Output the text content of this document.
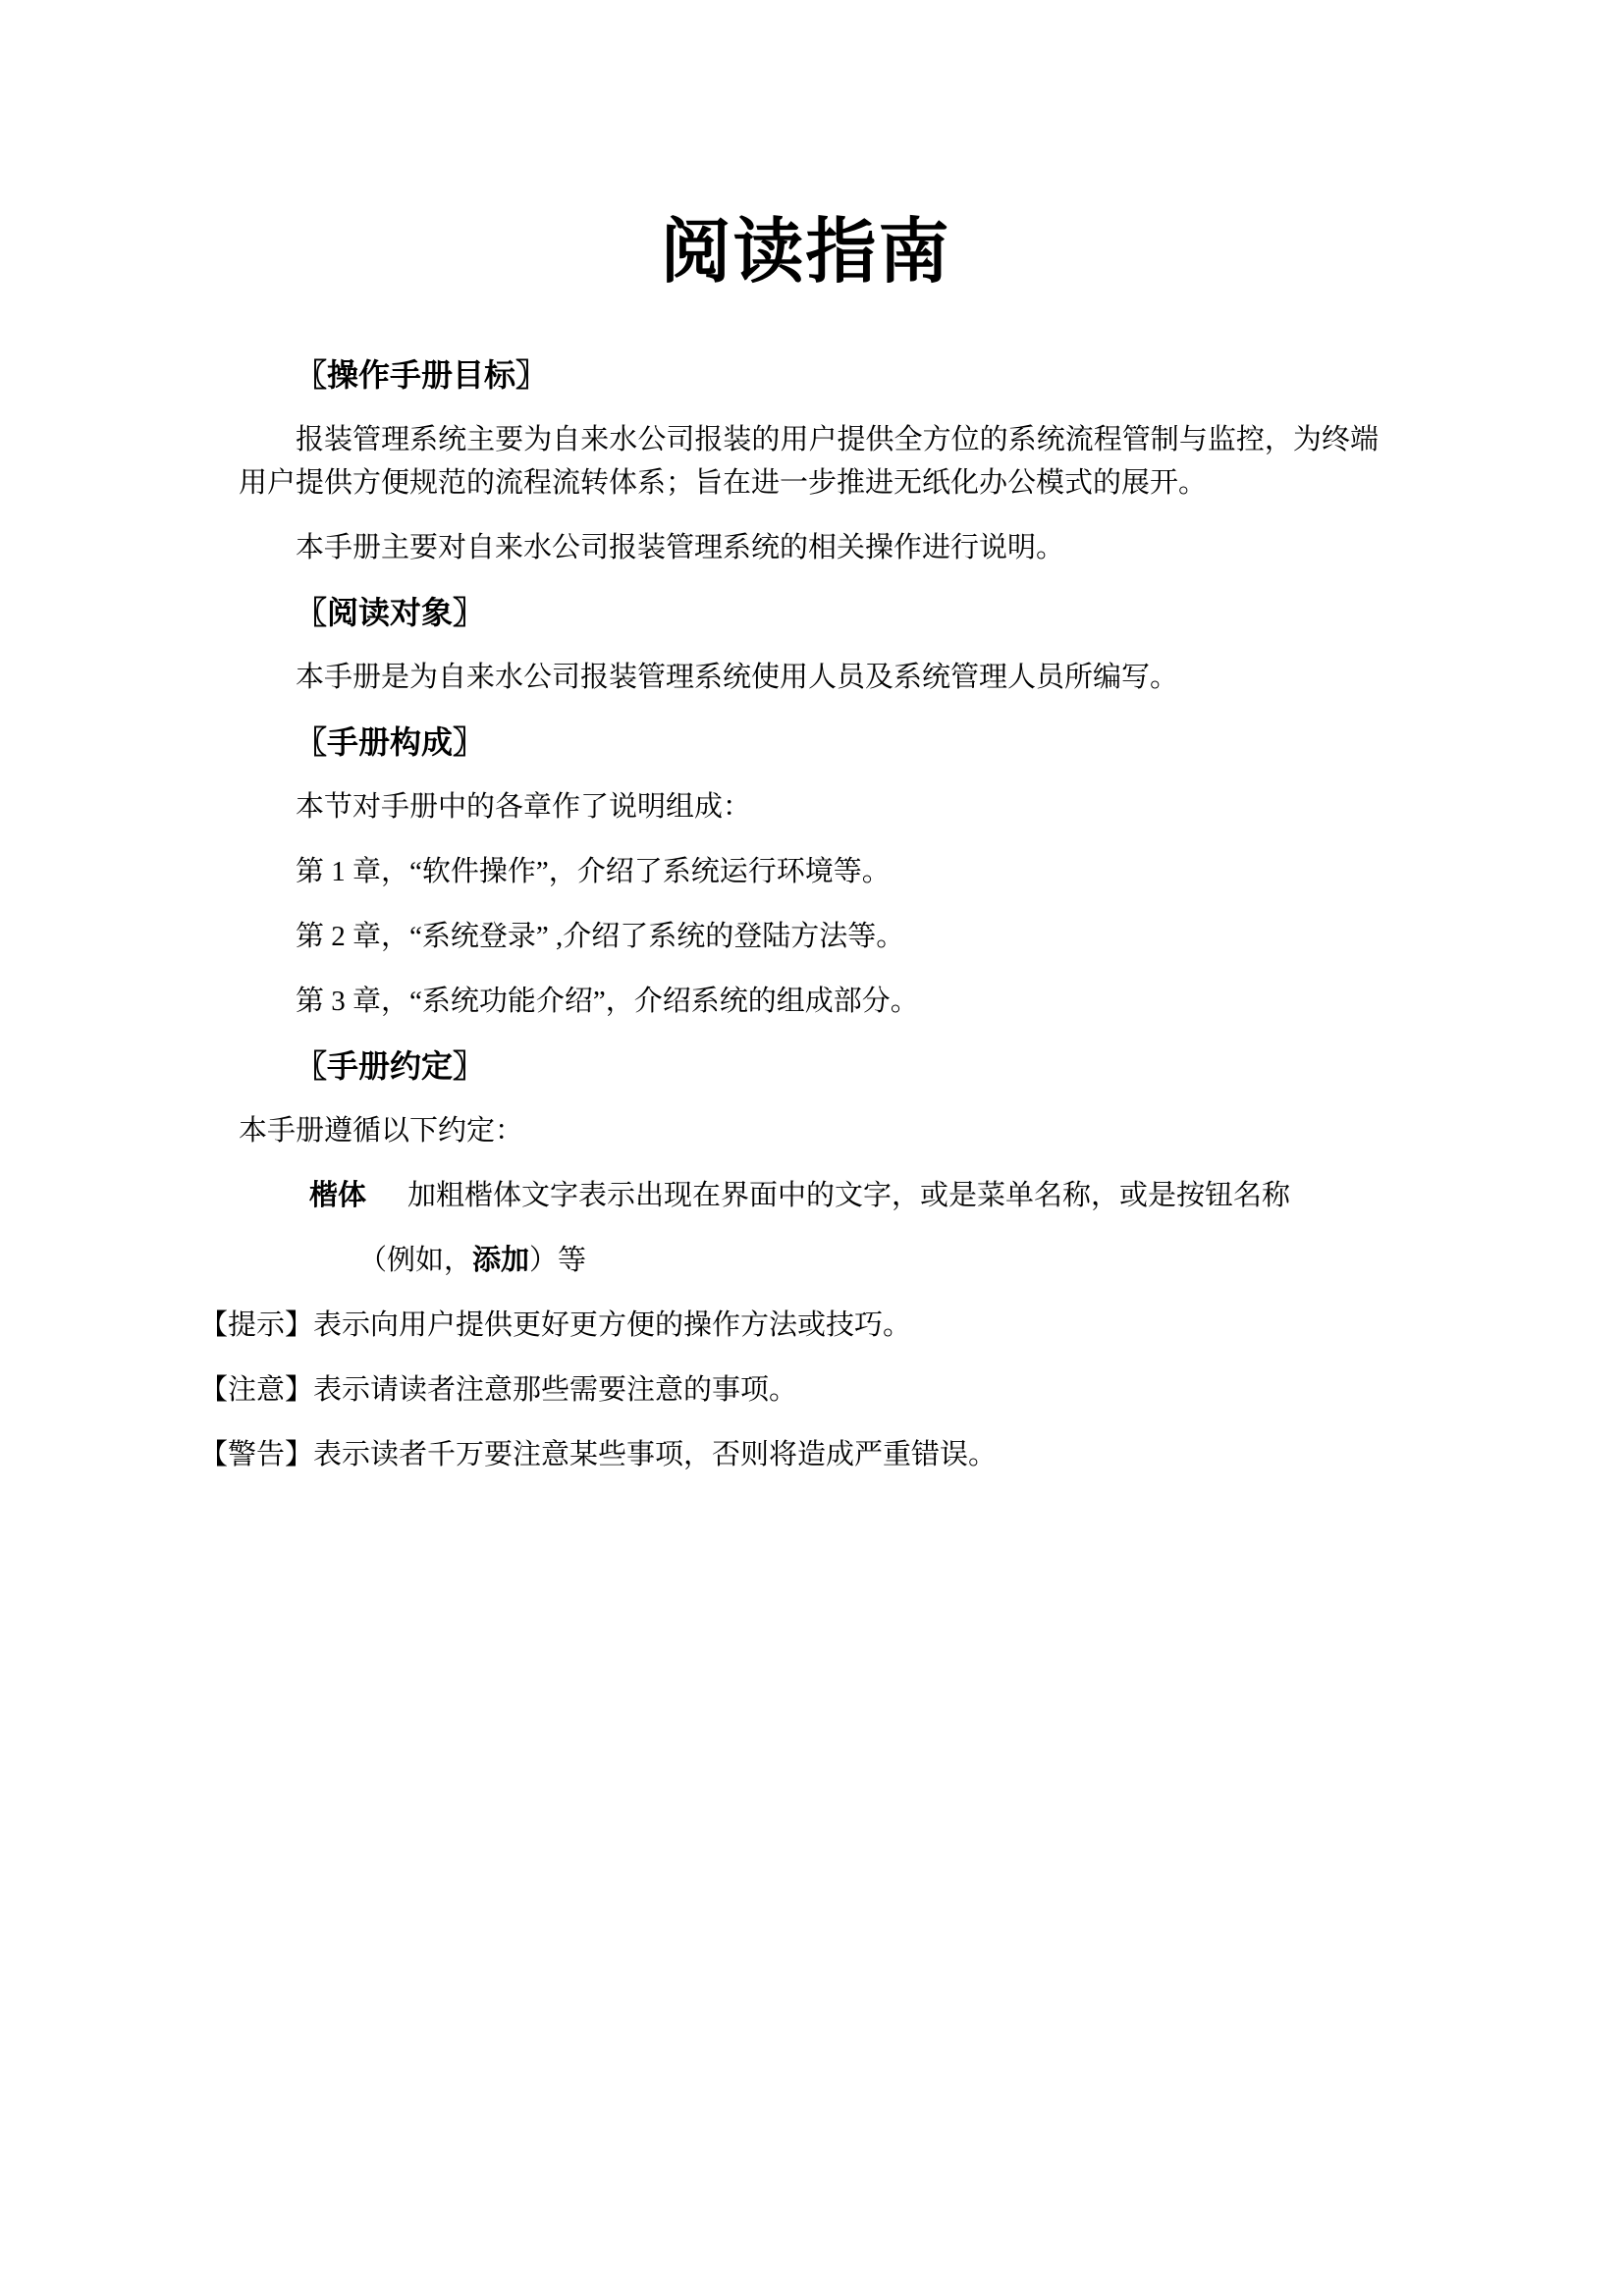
阅读指南

〖操作手册目标〗

报装管理系统主要为自来水公司报装的用户提供全方位的系统流程管制与监控，为终端用户提供方便规范的流程流转体系；旨在进一步推进无纸化办公模式的展开。

本手册主要对自来水公司报装管理系统的相关操作进行说明。

〖阅读对象〗

本手册是为自来水公司报装管理系统使用人员及系统管理人员所编写。

〖手册构成〗

本节对手册中的各章作了说明组成：

第 1 章，“软件操作”，介绍了系统运行环境等。

第 2 章，“系统登录” ,介绍了系统的登陆方法等。

第 3 章，“系统功能介绍”，介绍系统的组成部分。

〖手册约定〗

本手册遵循以下约定：

楷体 加粗楷体文字表示出现在界面中的文字，或是菜单名称，或是按钮名称

（例如，添加）等

【提示】表示向用户提供更好更方便的操作方法或技巧。

【注意】表示请读者注意那些需要注意的事项。

【警告】表示读者千万要注意某些事项，否则将造成严重错误。
